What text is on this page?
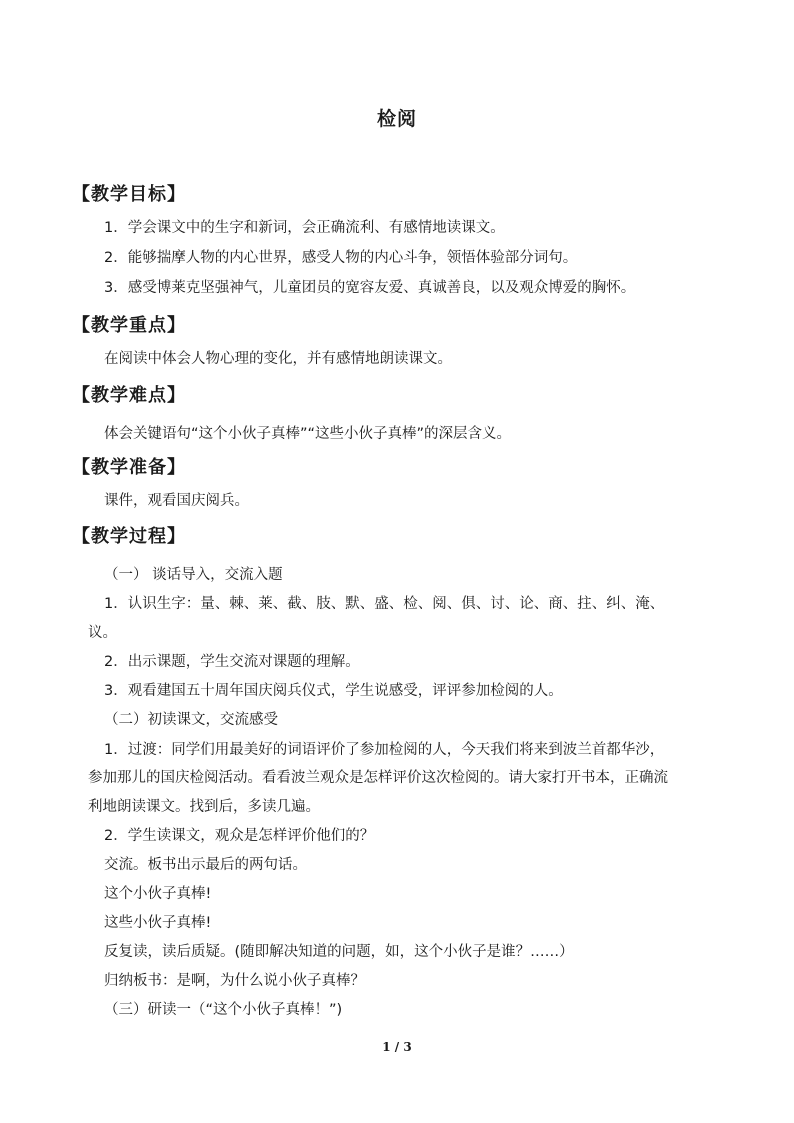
检阅
【教学目标】
1．学会课文中的生字和新词，会正确流利、有感情地读课文。
2．能够揣摩人物的内心世界，感受人物的内心斗争，领悟体验部分词句。
3．感受博莱克坚强神气，儿童团员的宽容友爱、真诚善良，以及观众博爱的胸怀。
【教学重点】
在阅读中体会人物心理的变化，并有感情地朗读课文。
【教学难点】
体会关键语句“这个小伙子真棒”“这些小伙子真棒”的深层含义。
【教学准备】
课件，观看国庆阅兵。
【教学过程】
（一） 谈话导入，交流入题
1．认识生字：量、棘、莱、截、肢、默、盛、检、阅、俱、讨、论、商、拄、纠、淹、
议。
2．出示课题，学生交流对课题的理解。
3．观看建国五十周年国庆阅兵仪式，学生说感受，评评参加检阅的人。
（二）初读课文，交流感受
1．过渡：同学们用最美好的词语评价了参加检阅的人，今天我们将来到波兰首都华沙，
参加那儿的国庆检阅活动。看看波兰观众是怎样评价这次检阅的。请大家打开书本，正确流
利地朗读课文。找到后，多读几遍。
2．学生读课文，观众是怎样评价他们的？
交流。板书出示最后的两句话。
这个小伙子真棒!
这些小伙子真棒!
反复读，读后质疑。(随即解决知道的问题，如，这个小伙子是谁？……）
归纳板书：是啊，为什么说小伙子真棒？
（三）研读一（“这个小伙子真棒！”)
1 / 3
